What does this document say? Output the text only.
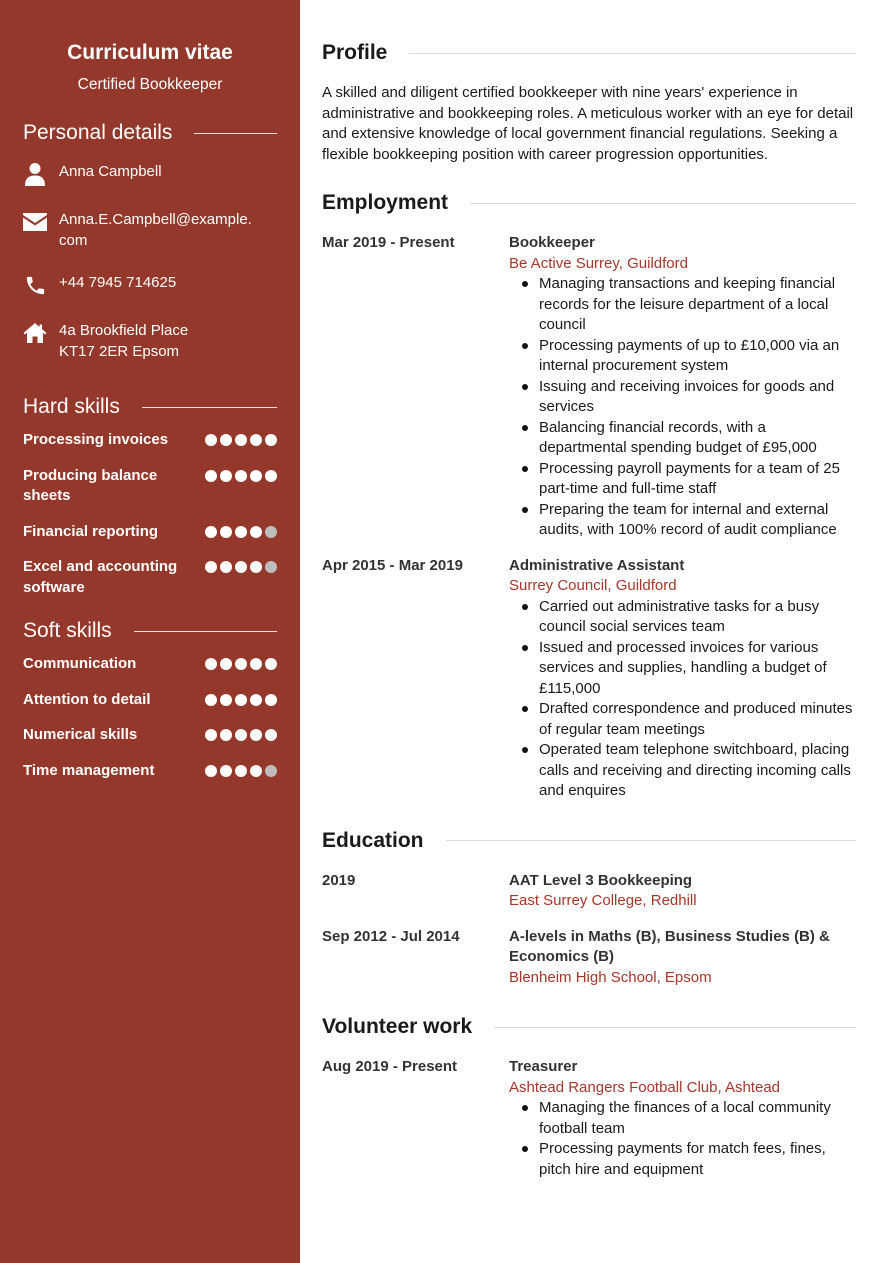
Curriculum vitae
Certified Bookkeeper
Personal details
Anna Campbell
Anna.E.Campbell@example.com
+44 7945 714625
4a Brookfield Place
KT17 2ER Epsom
Hard skills
Processing invoices
Producing balance sheets
Financial reporting
Excel and accounting software
Soft skills
Communication
Attention to detail
Numerical skills
Time management
Profile

A skilled and diligent certified bookkeeper with nine years' experience in administrative and bookkeeping roles. A meticulous worker with an eye for detail and extensive knowledge of local government financial regulations. Seeking a flexible bookkeeping position with career progression opportunities.

Employment
Mar 2019 - Present	Bookkeeper
Be Active Surrey, Guildford
Managing transactions and keeping financial records for the leisure department of a local council
Processing payments of up to £10,000 via an internal procurement system
Issuing and receiving invoices for goods and services
Balancing financial records, with a departmental spending budget of £95,000
Processing payroll payments for a team of 25 part-time and full-time staff
Preparing the team for internal and external audits, with 100% record of audit compliance
Apr 2015 - Mar 2019	Administrative Assistant
Surrey Council, Guildford
Carried out administrative tasks for a busy council social services team
Issued and processed invoices for various services and supplies, handling a budget of £115,000
Drafted correspondence and produced minutes of regular team meetings
Operated team telephone switchboard, placing calls and receiving and directing incoming calls and enquires
Education
2019	AAT Level 3 Bookkeeping
East Surrey College, Redhill
Sep 2012 - Jul 2014	A-levels in Maths (B), Business Studies (B) & Economics (B)
Blenheim High School, Epsom
Volunteer work
Aug 2019 - Present	Treasurer
Ashtead Rangers Football Club, Ashtead
Managing the finances of a local community football team
Processing payments for match fees, fines, pitch hire and equipment
